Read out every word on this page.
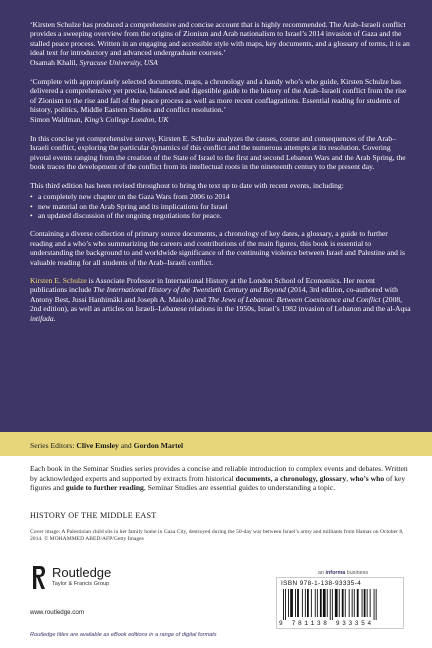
‘Kirsten Schulze has produced a comprehensive and concise account that is highly recommended. The Arab–Israeli conflict provides a sweeping overview from the origins of Zionism and Arab nationalism to Israel’s 2014 invasion of Gaza and the stalled peace process. Written in an engaging and accessible style with maps, key documents, and a glossary of terms, it is an ideal text for introductory and advanced undergraduate courses.’

Osamah Khalil, Syracuse University, USA

‘Complete with appropriately selected documents, maps, a chronology and a handy who’s who guide, Kirsten Schulze has delivered a comprehensive yet precise, balanced and digestible guide to the history of the Arab–Israeli conflict from the rise of Zionism to the rise and fall of the peace process as well as more recent conflagrations. Essential reading for students of history, politics, Middle Eastern Studies and conflict resolution.’

Simon Waldman, King’s College London, UK

In this concise yet comprehensive survey, Kirsten E. Schulze analyzes the causes, course and consequences of the Arab–Israeli conflict, exploring the particular dynamics of this conflict and the numerous attempts at its resolution. Covering pivotal events ranging from the creation of the State of Israel to the first and second Lebanon Wars and the Arab Spring, the book traces the development of the conflict from its intellectual roots in the nineteenth century to the present day.

This third edition has been revised throughout to bring the text up to date with recent events, including:

• a completely new chapter on the Gaza Wars from 2006 to 2014
• new material on the Arab Spring and its implications for Israel
• an updated discussion of the ongoing negotiations for peace.

Containing a diverse collection of primary source documents, a chronology of key dates, a glossary, a guide to further reading and a who’s who summarizing the careers and contributions of the main figures, this book is essential to understanding the background to and worldwide significance of the continuing violence between Israel and Palestine and is valuable reading for all students of the Arab–Israeli conflict.

Kirsten E. Schulze is Associate Professor in International History at the London School of Economics. Her recent publications include The International History of the Twentieth Century and Beyond (2014, 3rd edition, co-authored with Antony Best, Jussi Hanhimäki and Joseph A. Maiolo) and The Jews of Lebanon: Between Coexistence and Conflict (2008, 2nd edition), as well as articles on Israeli–Lebanese relations in the 1950s, Israel’s 1982 invasion of Lebanon and the al-Aqsa intifada.

Series Editors: Clive Emsley and Gordon Martel

Each book in the Seminar Studies series provides a concise and reliable introduction to complex events and debates. Written by acknowledged experts and supported by extracts from historical documents, a chronology, glossary, who’s who of key figures and guide to further reading, Seminar Studies are essential guides to understanding a topic.

HISTORY OF THE MIDDLE EAST

Cover image: A Palestinian child sits in her family home in Gaza City, destroyed during the 50-day war between Israel’s army and militants from Hamas on October 8, 2014. © MOHAMMED ABED/AFP/Getty Images

Routledge
Taylor & Francis Group
www.routledge.com
Routledge titles are available as eBook editions in a range of digital formats
an informa business
ISBN 978-1-138-93335-4
9 781138 933354
